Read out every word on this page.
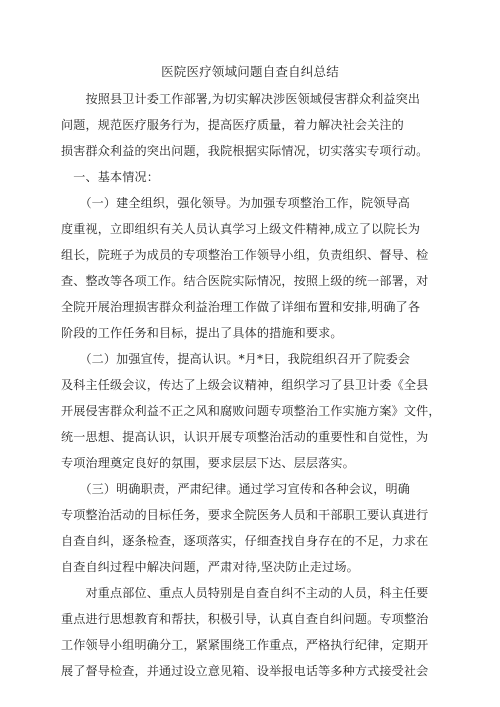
医院医疗领域问题自查自纠总结
　　按照县卫计委工作部署,为切实解决涉医领域侵害群众利益突出
问题，规范医疗服务行为，提高医疗质量，着力解决社会关注的
损害群众利益的突出问题，我院根据实际情况，切实落实专项行动。
　一、基本情况：
　　（一）建全组织，强化领导。为加强专项整治工作，院领导高
度重视，立即组织有关人员认真学习上级文件精神,成立了以院长为
组长，院班子为成员的专项整治工作领导小组，负责组织、督导、检
查、整改等各项工作。结合医院实际情况，按照上级的统一部署，对
全院开展治理损害群众利益治理工作做了详细布置和安排,明确了各
阶段的工作任务和目标，提出了具体的措施和要求。
　　（二）加强宣传，提高认识。*月*日，我院组织召开了院委会
及科主任级会议，传达了上级会议精神，组织学习了县卫计委《全县
开展侵害群众利益不正之风和腐败问题专项整治工作实施方案》文件，
统一思想、提高认识，认识开展专项整治活动的重要性和自觉性，为
专项治理奠定良好的氛围，要求层层下达、层层落实。
　　（三）明确职责，严肃纪律。通过学习宣传和各种会议，明确
专项整治活动的目标任务，要求全院医务人员和干部职工要认真进行
自查自纠，逐条检查，逐项落实，仔细查找自身存在的不足，力求在
自查自纠过程中解决问题，严肃对待,坚决防止走过场。
　　对重点部位、重点人员特别是自查自纠不主动的人员，科主任要
重点进行思想教育和帮扶，积极引导，认真自查自纠问题。专项整治
工作领导小组明确分工，紧紧围绕工作重点，严格执行纪律，定期开
展了督导检查，并通过设立意见箱、设举报电话等多种方式接受社会
